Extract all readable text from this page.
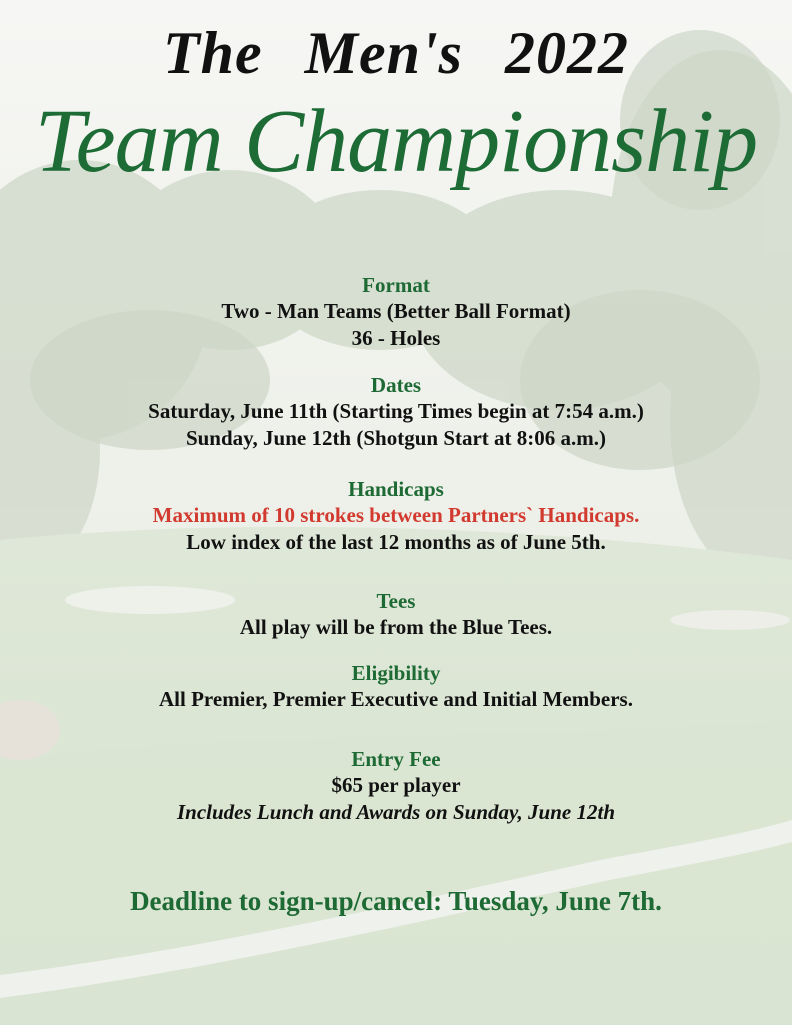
The Men's 2022
Team Championship
Format
Two - Man Teams (Better Ball Format)
36 - Holes
Dates
Saturday, June 11th (Starting Times begin at 7:54 a.m.)
Sunday, June 12th (Shotgun Start at 8:06 a.m.)
Handicaps
Maximum of 10 strokes between Partners` Handicaps.
Low index of the last 12 months as of June 5th.
Tees
All play will be from the Blue Tees.
Eligibility
All Premier, Premier Executive and Initial Members.
Entry Fee
$65 per player
Includes Lunch and Awards on Sunday, June 12th
Deadline to sign-up/cancel: Tuesday, June 7th.
